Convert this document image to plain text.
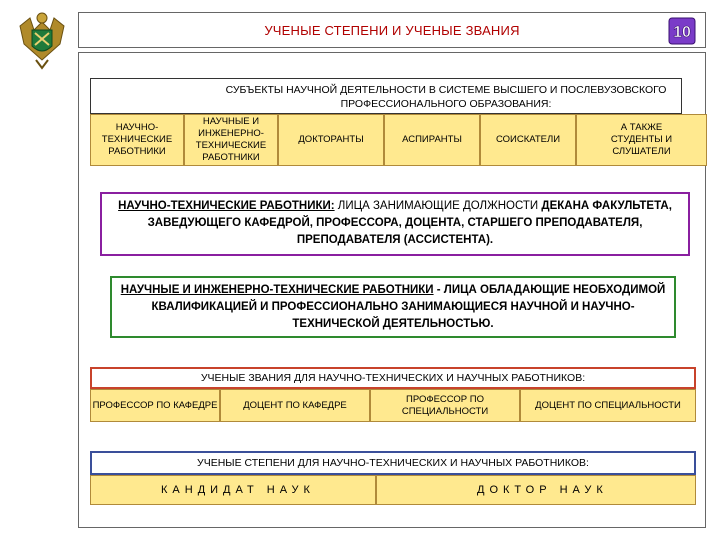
УЧЕНЫЕ СТЕПЕНИ И УЧЕНЫЕ ЗВАНИЯ	10
СУБЪЕКТЫ НАУЧНОЙ ДЕЯТЕЛЬНОСТИ В СИСТЕМЕ ВЫСШЕГО И ПОСЛЕВУЗОВСКОГО ПРОФЕССИОНАЛЬНОГО ОБРАЗОВАНИЯ:
НАУЧНО-ТЕХНИЧЕСКИЕ РАБОТНИКИ
НАУЧНЫЕ И ИНЖЕНЕРНО-ТЕХНИЧЕСКИЕ РАБОТНИКИ
ДОКТОРАНТЫ	АСПИРАНТЫ	СОИСКАТЕЛИ
А ТАКЖЕ СТУДЕНТЫ И СЛУШАТЕЛИ
НАУЧНО-ТЕХНИЧЕСКИЕ РАБОТНИКИ: ЛИЦА ЗАНИМАЮЩИЕ ДОЛЖНОСТИ ДЕКАНА ФАКУЛЬТЕТА, ЗАВЕДУЮЩЕГО КАФЕДРОЙ, ПРОФЕССОРА, ДОЦЕНТА, СТАРШЕГО ПРЕПОДАВАТЕЛЯ, ПРЕПОДАВАТЕЛЯ (АССИСТЕНТА).
НАУЧНЫЕ И ИНЖЕНЕРНО-ТЕХНИЧЕСКИЕ РАБОТНИКИ - ЛИЦА ОБЛАДАЮЩИЕ НЕОБХОДИМОЙ КВАЛИФИКАЦИЕЙ И ПРОФЕССИОНАЛЬНО ЗАНИМАЮЩИЕСЯ НАУЧНОЙ И НАУЧНО-ТЕХНИЧЕСКОЙ ДЕЯТЕЛЬНОСТЬЮ.
УЧЕНЫЕ ЗВАНИЯ ДЛЯ НАУЧНО-ТЕХНИЧЕСКИХ И НАУЧНЫХ РАБОТНИКОВ:
ПРОФЕССОР ПО КАФЕДРЕ	ДОЦЕНТ ПО КАФЕДРЕ
ПРОФЕССОР ПО СПЕЦИАЛЬНОСТИ
ДОЦЕНТ ПО СПЕЦИАЛЬНОСТИ
УЧЕНЫЕ СТЕПЕНИ ДЛЯ НАУЧНО-ТЕХНИЧЕСКИХ И НАУЧНЫХ РАБОТНИКОВ:
КАНДИДАТ НАУК	ДОКТОР НАУК
